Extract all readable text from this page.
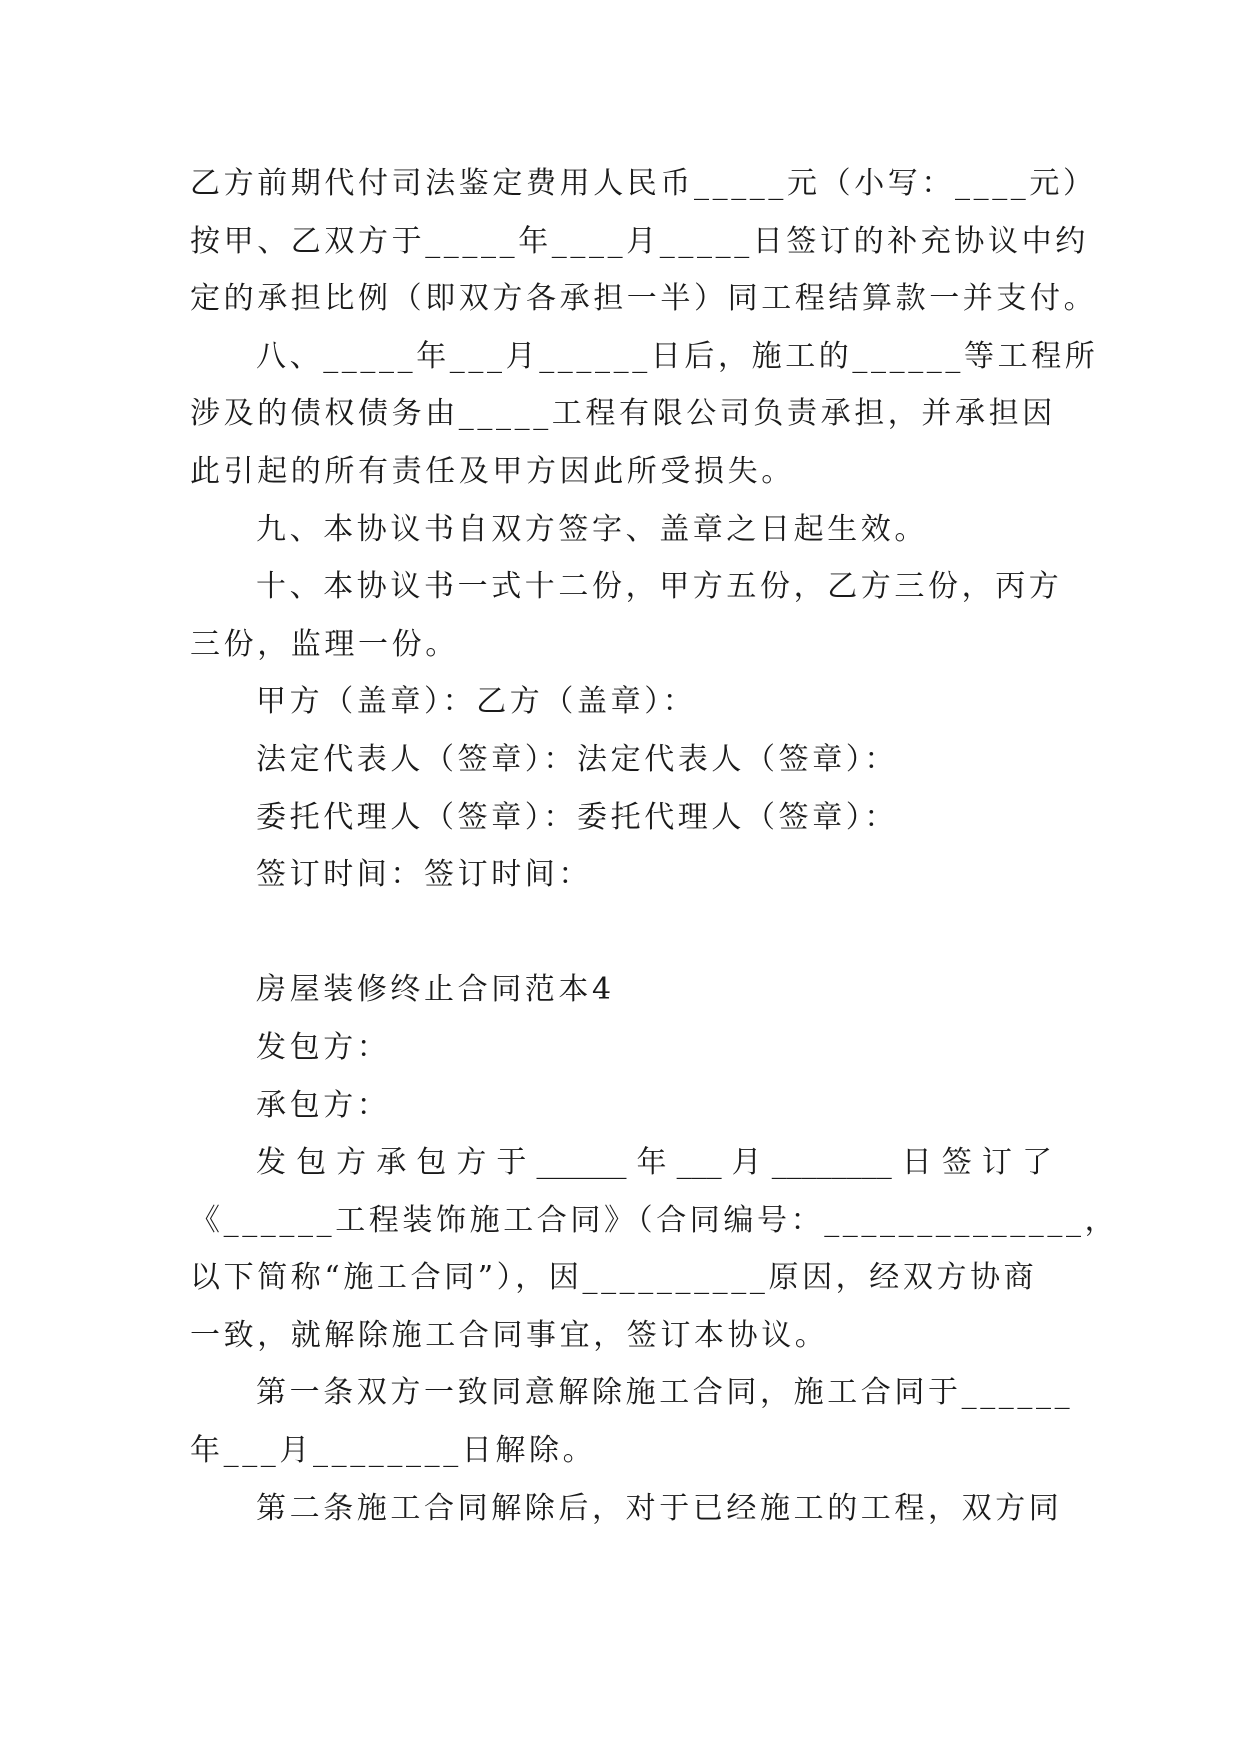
乙方前期代付司法鉴定费用人民币_____元（小写：____元）
按甲、乙双方于_____年____月_____日签订的补充协议中约
定的承担比例（即双方各承担一半）同工程结算款一并支付。
八、_____年___月______日后，施工的______等工程所
涉及的债权债务由_____工程有限公司负责承担，并承担因
此引起的所有责任及甲方因此所受损失。
九、本协议书自双方签字、盖章之日起生效。
十、本协议书一式十二份，甲方五份，乙方三份，丙方
三份，监理一份。
甲方（盖章）：乙方（盖章）：
法定代表人（签章）：法定代表人（签章）：
委托代理人（签章）：委托代理人（签章）：
签订时间：签订时间：
房屋装修终止合同范本4
发包方：
承包方：
发包方承包方于______年___月________日签订了
《______工程装饰施工合同》（合同编号：______________，
以下简称“施工合同”），因__________原因，经双方协商
一致，就解除施工合同事宜，签订本协议。
第一条双方一致同意解除施工合同，施工合同于______
年___月________日解除。
第二条施工合同解除后，对于已经施工的工程，双方同
